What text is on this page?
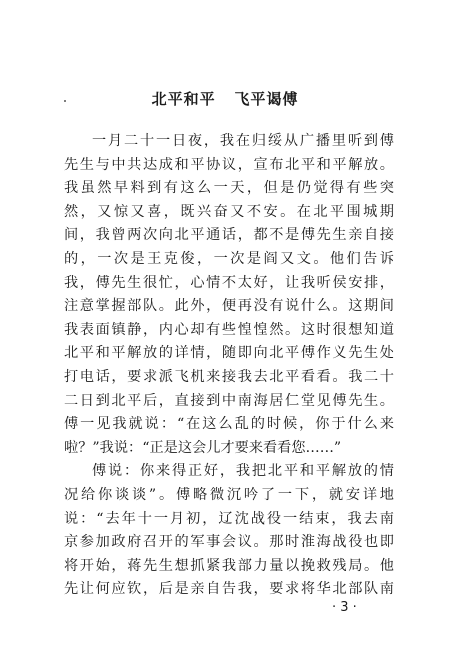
北平和平   飞平谒傅
一月二十一日夜，我在归绥从广播里听到傅
先生与中共达成和平协议，宣布北平和平解放。
我虽然早料到有这么一天，但是仍觉得有些突
然，又惊又喜，既兴奋又不安。在北平围城期
间，我曾两次向北平通话，都不是傅先生亲自接
的，一次是王克俊，一次是阎又文。他们告诉
我，傅先生很忙，心情不太好，让我听侯安排，
注意掌握部队。此外，便再没有说什么。这期间
我表面镇静，内心却有些惶惶然。这时很想知道
北平和平解放的详情，随即向北平傅作义先生处
打电话，要求派飞机来接我去北平看看。我二十
二日到北平后，直接到中南海居仁堂见傅先生。
傅一见我就说：“在这么乱的时候，你于什么来
啦？”我说：“正是这会儿才要来看看您……”
傅说：你来得正好，我把北平和平解放的情
况给你谈谈”。傅略微沉吟了一下，就安详地
说：“去年十一月初，辽沈战役一结束，我去南
京参加政府召开的军事会议。那时淮海战役也即
将开始，蒋先生想抓紧我部力量以挽救残局。他
先让何应钦，后是亲自告我，要求将华北部队南
· 3 ·
